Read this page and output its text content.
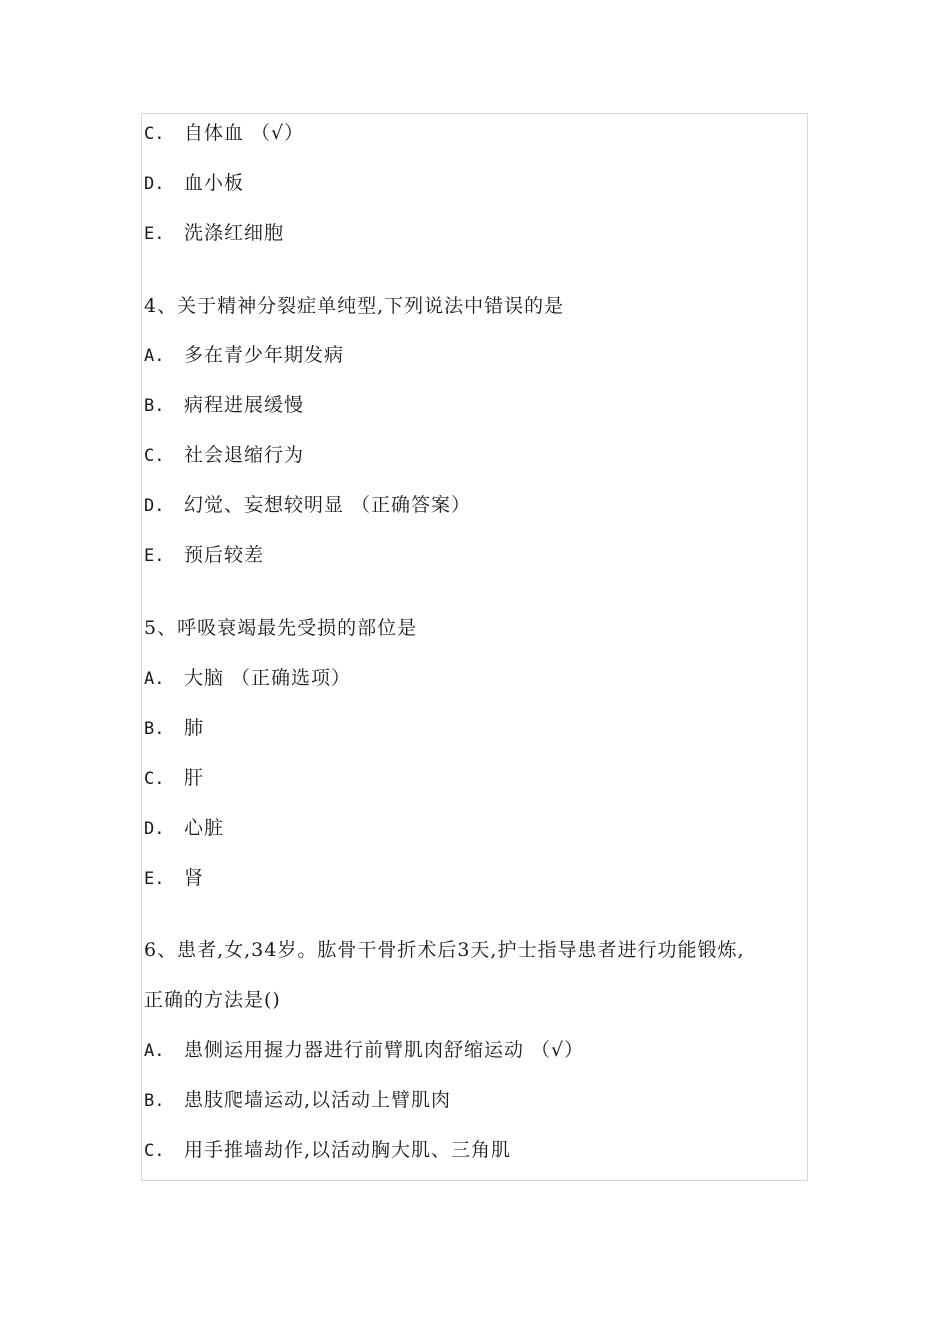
C. 自体血 （√）
D. 血小板
E. 洗涤红细胞
4、关于精神分裂症单纯型,下列说法中错误的是
A. 多在青少年期发病
B. 病程进展缓慢
C. 社会退缩行为
D. 幻觉、妄想较明显 （正确答案）
E. 预后较差
5、呼吸衰竭最先受损的部位是
A. 大脑 （正确选项）
B. 肺
C. 肝
D. 心脏
E. 肾
6、患者,女,34岁。肱骨干骨折术后3天,护士指导患者进行功能锻炼,
正确的方法是()
A. 患侧运用握力器进行前臂肌肉舒缩运动 （√）
B. 患肢爬墙运动,以活动上臂肌肉
C. 用手推墙劫作,以活动胸大肌、三角肌
